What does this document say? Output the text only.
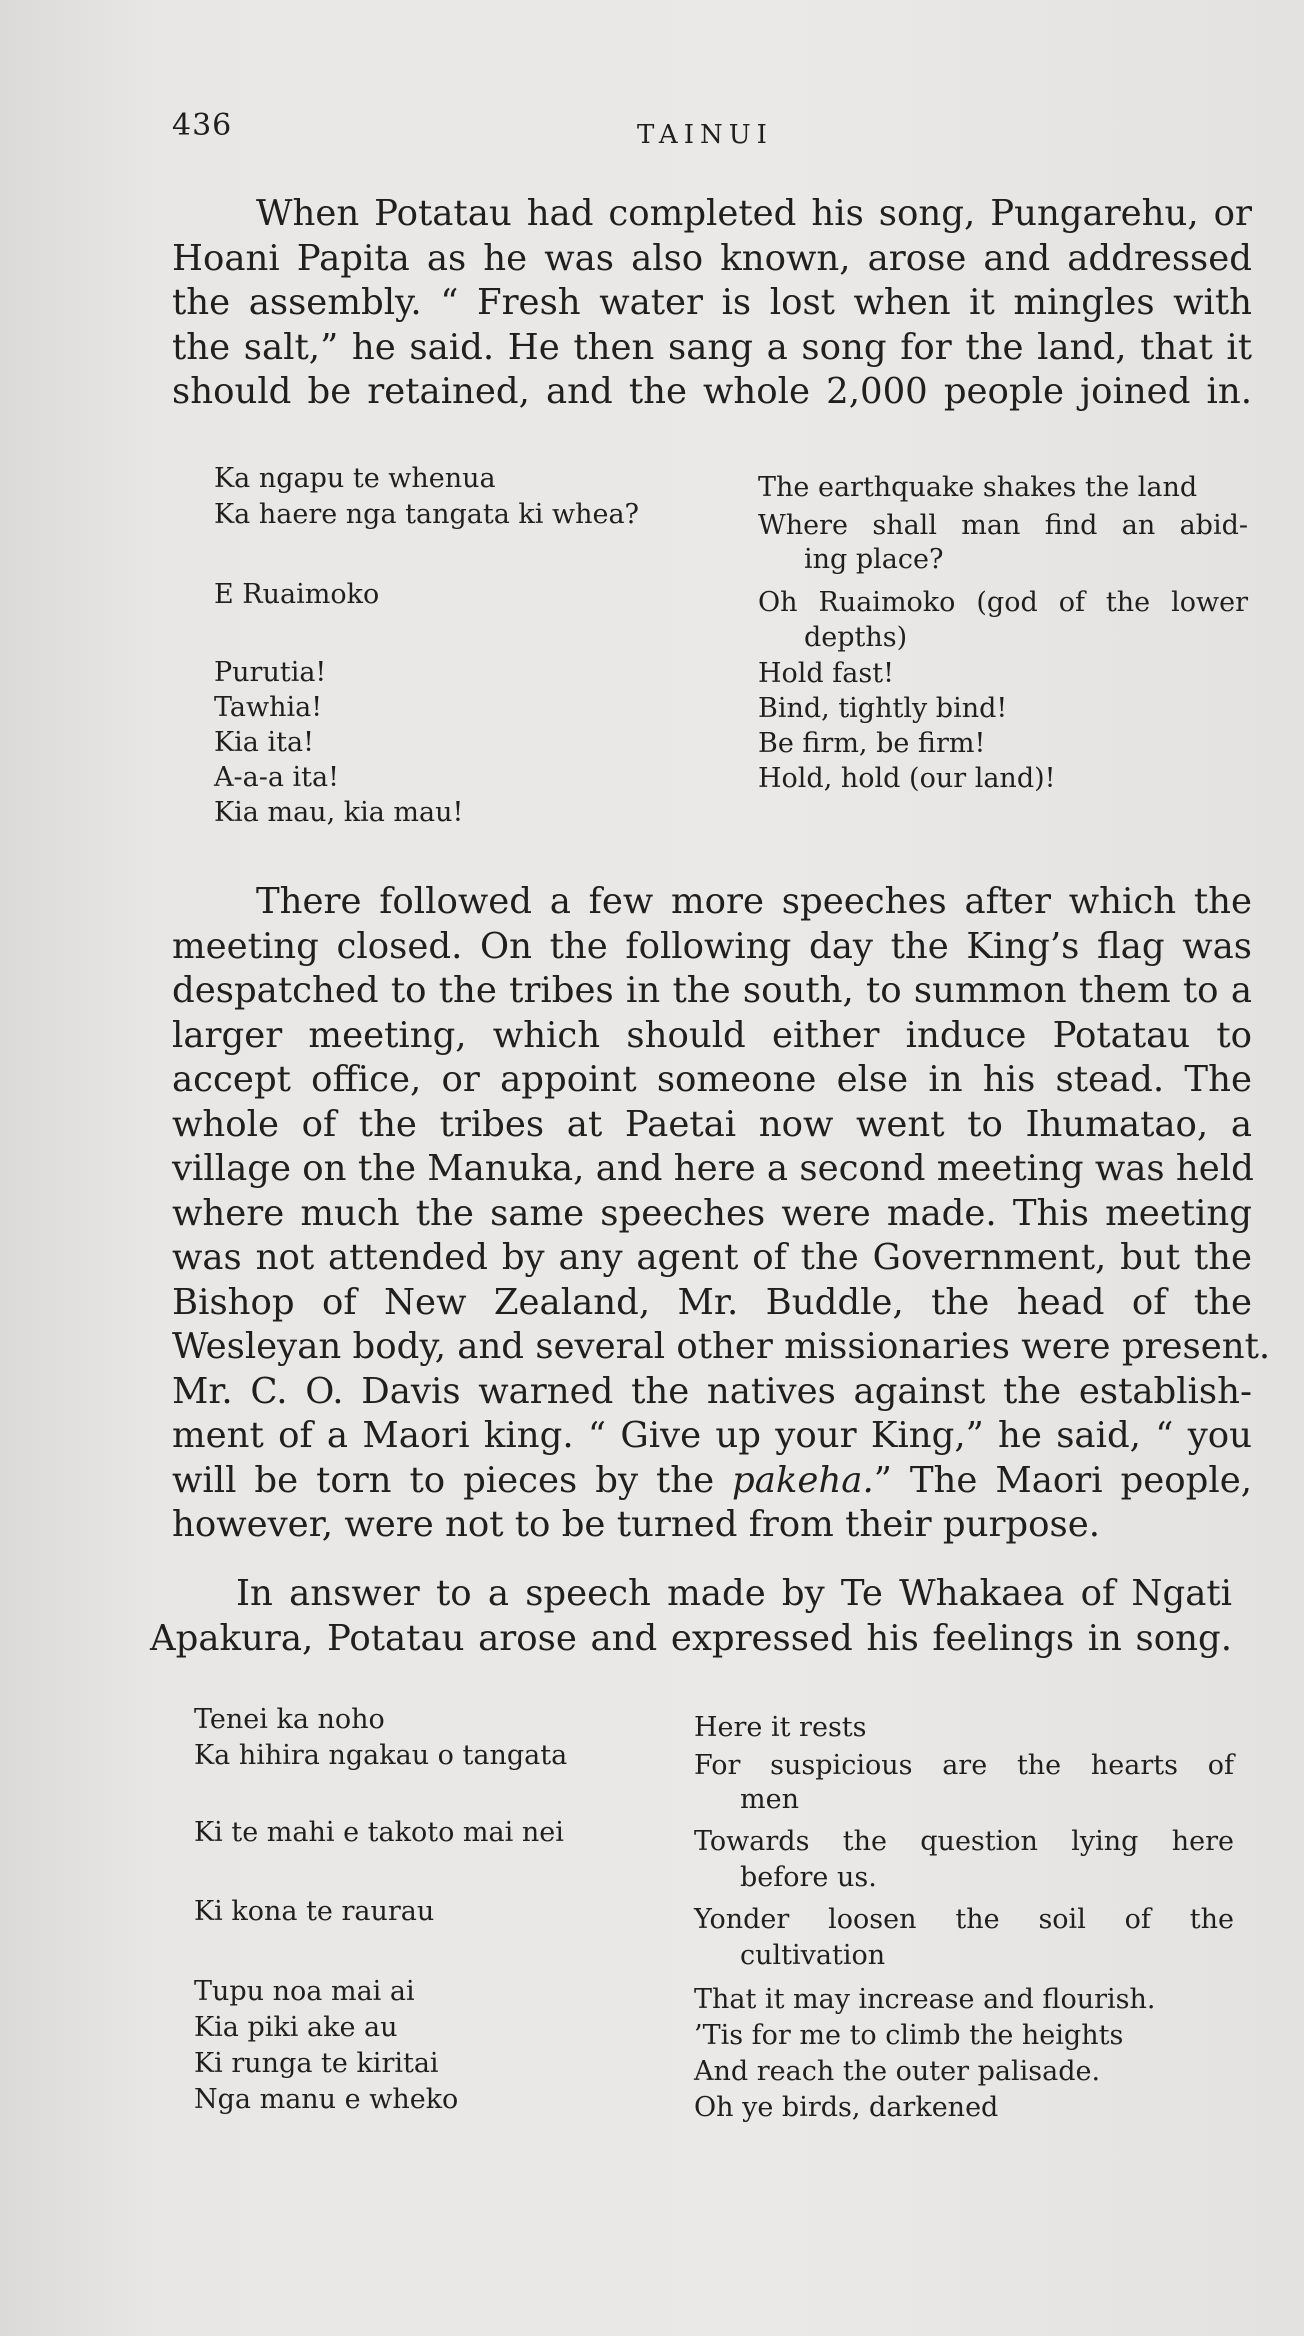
436	TAINUI
When Potatau had completed his song, Pungarehu, or
Hoani Papita as he was also known, arose and addressed
the assembly. “ Fresh water is lost when it mingles with
the salt,” he said. He then sang a song for the land, that it
should be retained, and the whole 2,000 people joined in.
Ka ngapu te whenua
Ka haere nga tangata ki whea?
E Ruaimoko
Purutia!
Tawhia!
Kia ita!
A-a-a ita!
Kia mau, kia mau!
The earthquake shakes the land
Where shall man find an abid-
ing place?
Oh Ruaimoko (god of the lower
depths)
Hold fast!
Bind, tightly bind!
Be firm, be firm!
Hold, hold (our land)!
There followed a few more speeches after which the
meeting closed. On the following day the King’s flag was
despatched to the tribes in the south, to summon them to a
larger meeting, which should either induce Potatau to
accept office, or appoint someone else in his stead. The
whole of the tribes at Paetai now went to Ihumatao, a
village on the Manuka, and here a second meeting was held
where much the same speeches were made. This meeting
was not attended by any agent of the Government, but the
Bishop of New Zealand, Mr. Buddle, the head of the
Wesleyan body, and several other missionaries were present.
Mr. C. O. Davis warned the natives against the establish-
ment of a Maori king. “ Give up your King,” he said, “ you
will be torn to pieces by the pakeha.” The Maori people,
however, were not to be turned from their purpose.
In answer to a speech made by Te Whakaea of Ngati
Apakura, Potatau arose and expressed his feelings in song.
Tenei ka noho
Ka hihira ngakau o tangata
Ki te mahi e takoto mai nei
Ki kona te raurau
Tupu noa mai ai
Kia piki ake au
Ki runga te kiritai
Nga manu e wheko
Here it rests
For suspicious are the hearts of
men
Towards the question lying here
before us.
Yonder loosen the soil of the
cultivation
That it may increase and flourish.
’Tis for me to climb the heights
And reach the outer palisade.
Oh ye birds, darkened
